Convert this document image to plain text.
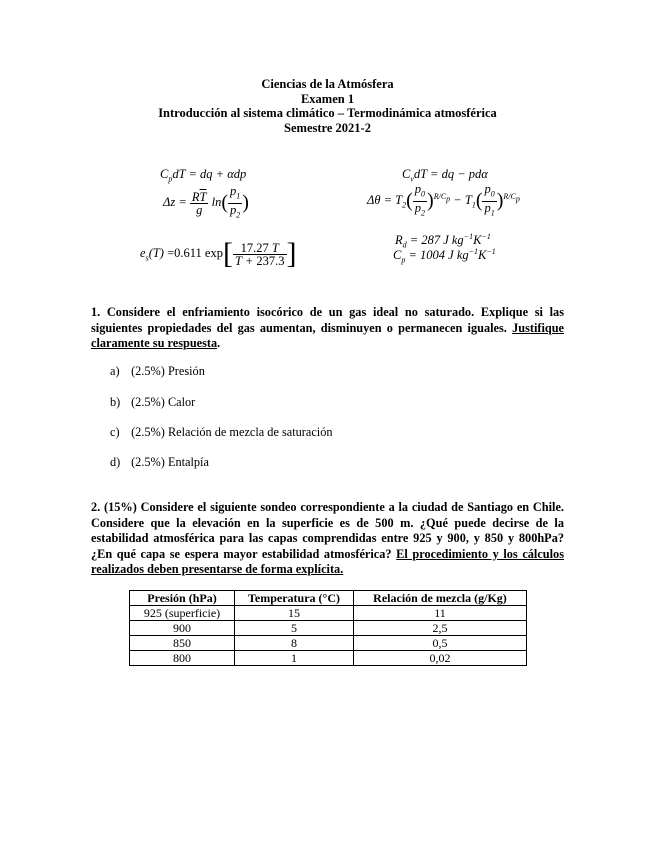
Ciencias de la Atmósfera
Examen 1
Introducción al sistema climático – Termodinámica atmosférica
Semestre 2021-2
$C_pdT$ = dq + αdp	$C_vdT$ = dq − pdα
$\Delta z = \frac{R\overline{T}}{g} \ln( \frac{p_1}{p_2}$ )	$\Delta\theta = T_2( \frac{p_0}{p_2} )^{R/C_p} - T_1( \frac{p_0}{p_1} )^{R/C_p}$
$e_s(T) =0.611$ $\exp[ \frac{17.27 T}{T + 237.3}$ ]	$R_d = 287$ J $kg^{-1}K^{-1}$
$C_p = 1004$ J $kg^{-1}K^{-1}$
1. Considere el enfriamiento isocórico de un gas ideal no saturado. Explique si las siguientes propiedades del gas aumentan, disminuyen o permanecen iguales. Justifique claramente su respuesta.
a) (2.5%) Presión
b) (2.5%) Calor
c) (2.5%) Relación de mezcla de saturación
d) (2.5%) Entalpía
2. (15%) Considere el siguiente sondeo correspondiente a la ciudad de Santiago en Chile. Considere que la elevación en la superficie es de 500 m. ¿Qué puede decirse de la estabilidad atmosférica para las capas comprendidas entre 925 y 900, y 850 y 800hPa? ¿En qué capa se espera mayor estabilidad atmosférica? El procedimiento y los cálculos realizados deben presentarse de forma explícita.
Presión (hPa)	Temperatura (°C)	Relación de mezcla (g/Kg)
925 (superficie)	15	11
900	5	2,5
850	8	0,5
800	1	0,02
